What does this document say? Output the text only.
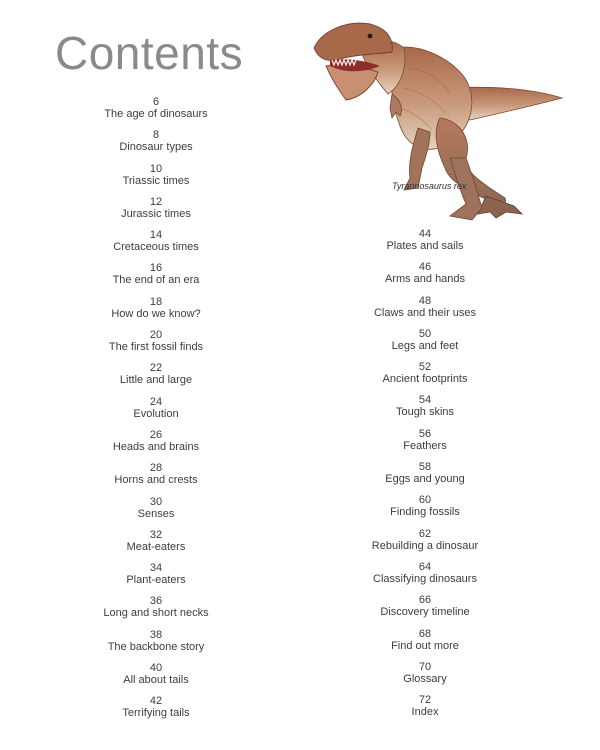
Contents
Tyrannosaurus rex
6
The age of dinosaurs
8
Dinosaur types
10
Triassic times
12
Jurassic times
14
Cretaceous times
16
The end of an era
18
How do we know?
20
The first fossil finds
22
Little and large
24
Evolution
26
Heads and brains
28
Horns and crests
30
Senses
32
Meat-eaters
34
Plant-eaters
36
Long and short necks
38
The backbone story
40
All about tails
42
Terrifying tails
44
Plates and sails
46
Arms and hands
48
Claws and their uses
50
Legs and feet
52
Ancient footprints
54
Tough skins
56
Feathers
58
Eggs and young
60
Finding fossils
62
Rebuilding a dinosaur
64
Classifying dinosaurs
66
Discovery timeline
68
Find out more
70
Glossary
72
Index
